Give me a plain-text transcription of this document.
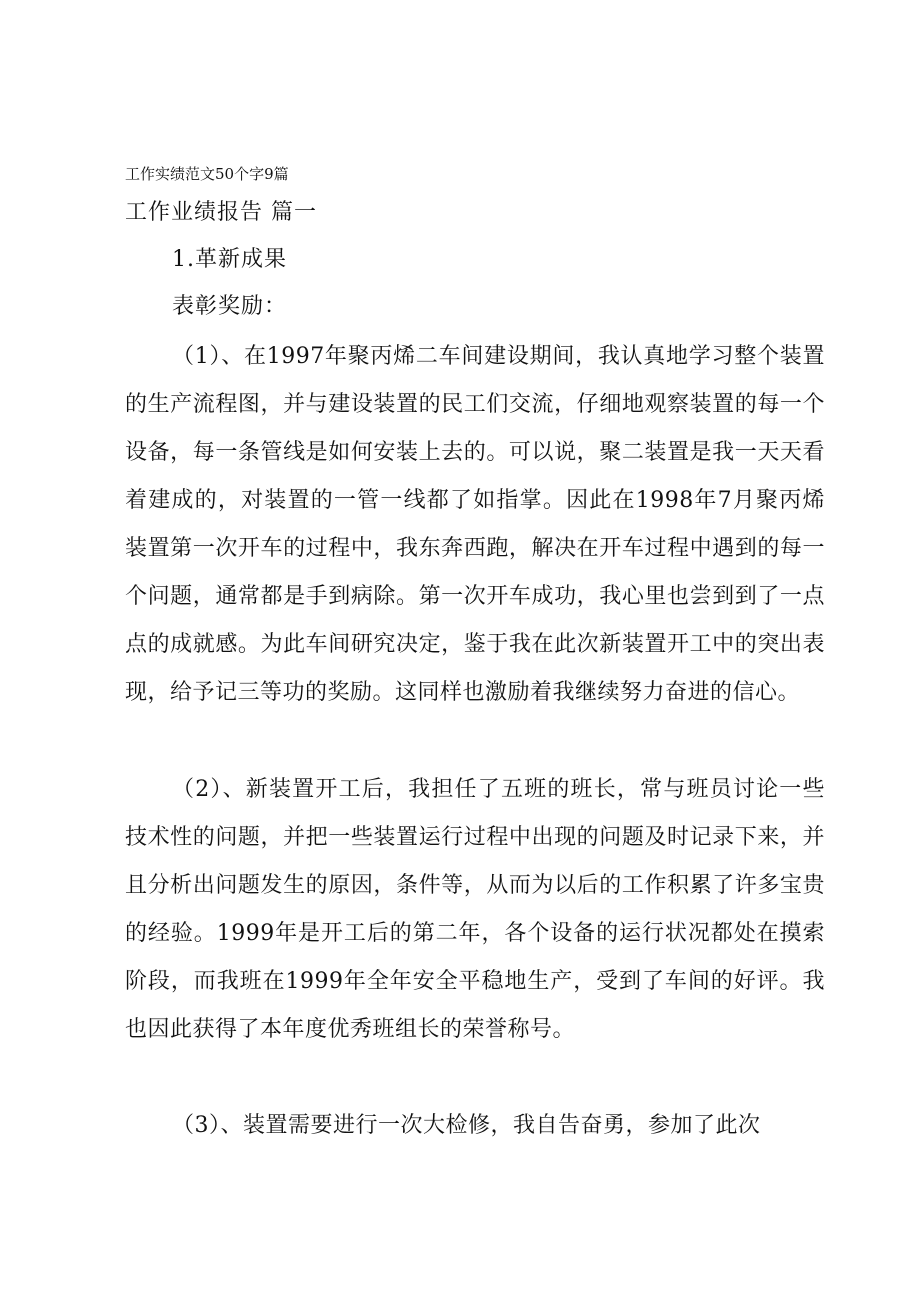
工作实绩范文50个字9篇
工作业绩报告 篇一
1.革新成果
表彰奖励：

（1）、在1997年聚丙烯二车间建设期间，我认真地学习整个装置的生产流程图，并与建设装置的民工们交流，仔细地观察装置的每一个设备，每一条管线是如何安装上去的。可以说，聚二装置是我一天天看着建成的，对装置的一管一线都了如指掌。因此在1998年7月聚丙烯装置第一次开车的过程中，我东奔西跑，解决在开车过程中遇到的每一个问题，通常都是手到病除。第一次开车成功，我心里也尝到到了一点点的成就感。为此车间研究决定，鉴于我在此次新装置开工中的突出表现，给予记三等功的奖励。这同样也激励着我继续努力奋进的信心。

（2）、新装置开工后，我担任了五班的班长，常与班员讨论一些技术性的问题，并把一些装置运行过程中出现的问题及时记录下来，并且分析出问题发生的原因，条件等，从而为以后的工作积累了许多宝贵的经验。1999年是开工后的第二年，各个设备的运行状况都处在摸索阶段，而我班在1999年全年安全平稳地生产，受到了车间的好评。我也因此获得了本年度优秀班组长的荣誉称号。

（3）、装置需要进行一次大检修，我自告奋勇，参加了此次
